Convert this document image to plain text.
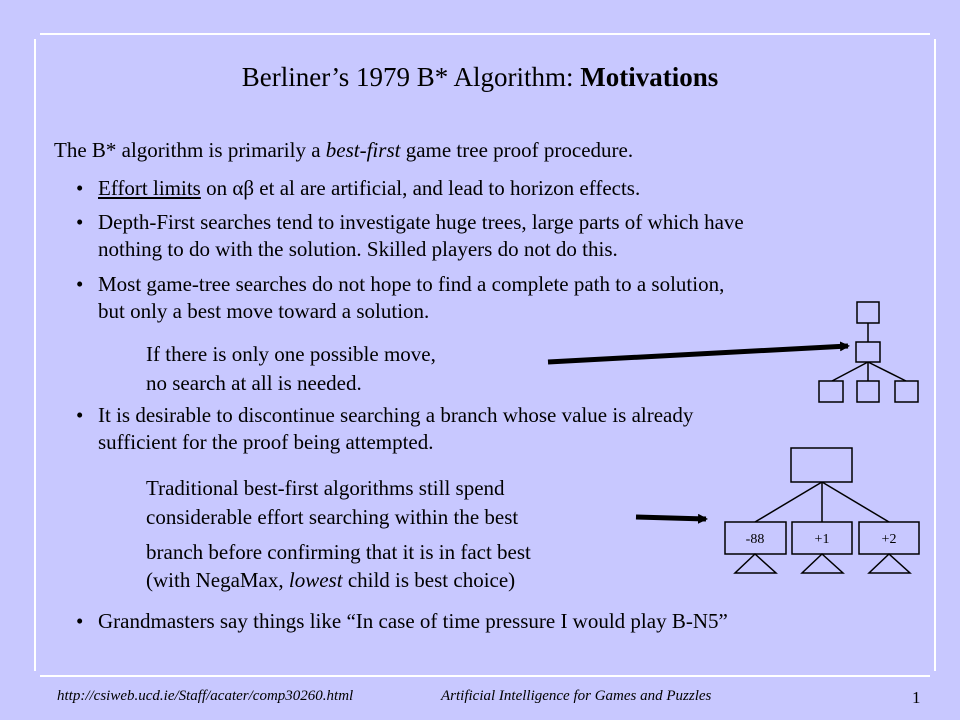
Berliner’s 1979 B* Algorithm: Motivations
The B* algorithm is primarily a best-first game tree proof procedure.
• Effort limits on αβ et al are artificial, and lead to horizon effects.
• Depth-First searches tend to investigate huge trees, large parts of which have
nothing to do with the solution. Skilled players do not do this.
• Most game-tree searches do not hope to find a complete path to a solution,
but only a best move toward a solution.
If there is only one possible move,
no search at all is needed.
• It is desirable to discontinue searching a branch whose value is already
sufficient for the proof being attempted.
Traditional best-first algorithms still spend
considerable effort searching within the best
branch before confirming that it is in fact best
(with NegaMax, lowest child is best choice)
• Grandmasters say things like “In case of time pressure I would play B-N5”
-88	+1	+2
http://csiweb.ucd.ie/Staff/acater/comp30260.html	Artificial Intelligence for Games and Puzzles	1
